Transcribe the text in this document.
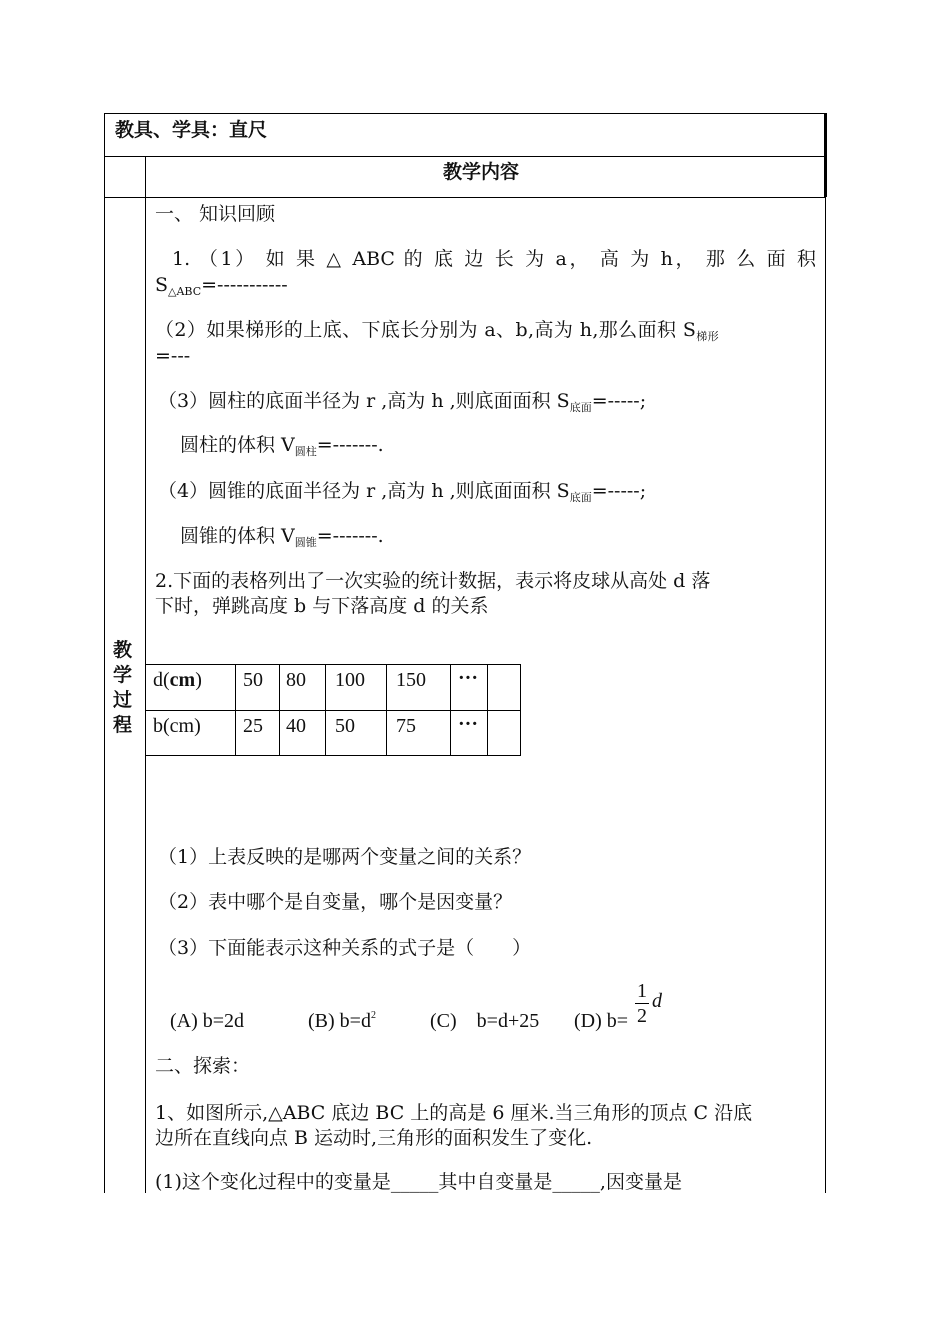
教具、学具：直尺
教学内容
教
学
过
程
一、 知识回顾
1. （1） 如 果 △ ABC 的 底 边 长 为 a， 高 为 h， 那 么 面 积
$S_{\triangle ABC}=-----------$
（2）如果梯形的上底、下底长分别为 a、b,高为 h,那么面积 $S_{梯形}$
=---
（3）圆柱的底面半径为 r ,高为 h ,则底面面积 $S_{底面}=-----$;
圆柱的体积 $V_{圆柱}=-------$.
（4）圆锥的底面半径为 r ,高为 h ,则底面面积 $S_{底面}=-----$;
圆锥的体积 $V_{圆锥}=-------$.
2.下面的表格列出了一次实验的统计数据，表示将皮球从高处 d 落
下时，弹跳高度 b 与下落高度 d 的关系
d(cm) 50 80 100 150 ···
b(cm) 25 40 50 75 ···
（1）上表反映的是哪两个变量之间的关系？
（2）表中哪个是自变量，哪个是因变量？
（3）下面能表示这种关系的式子是（　　）
(A) b=2d	(B) $b=d^2$	(C)　b=d+25 (D) b=
1
2
d
二、探索：
1、如图所示,△ABC 底边 BC 上的高是 6 厘米.当三角形的顶点 C 沿底
边所在直线向点 B 运动时,三角形的面积发生了变化.
(1)这个变化过程中的变量是_____其中自变量是_____,因变量是
